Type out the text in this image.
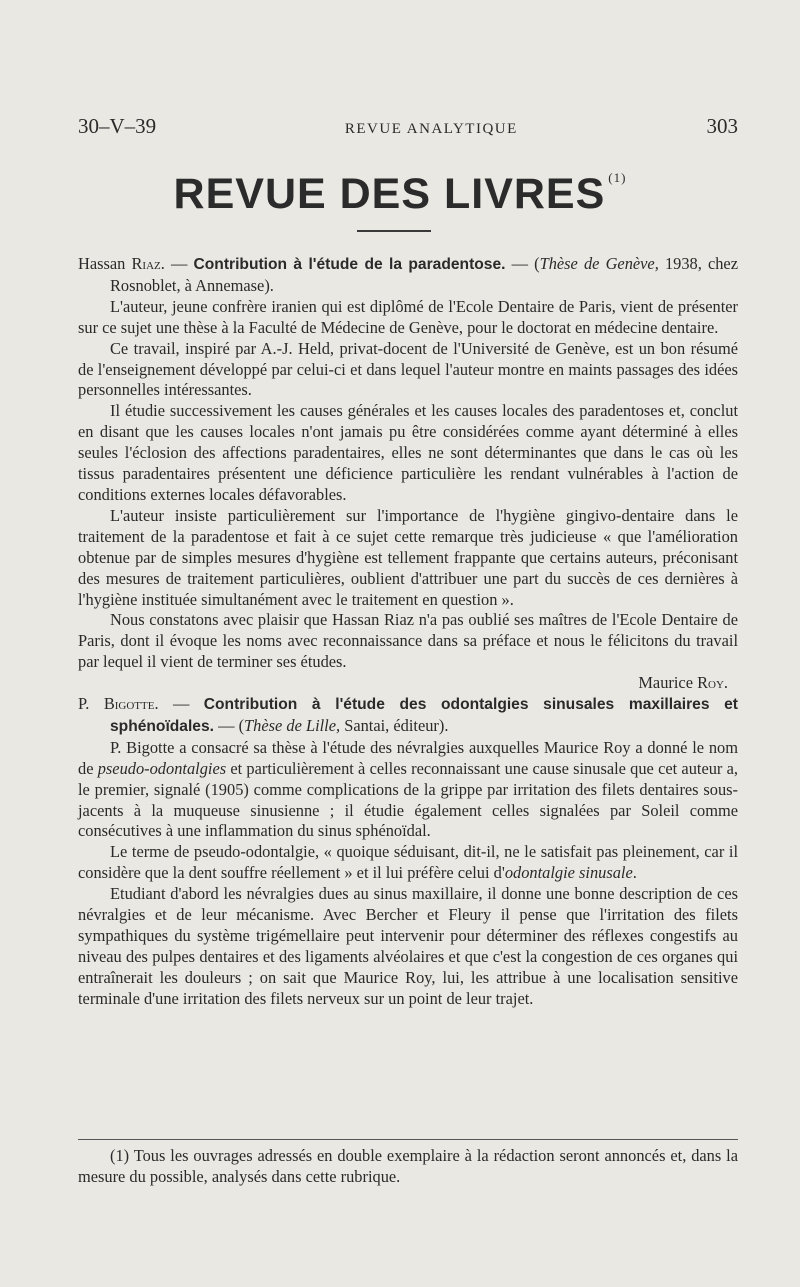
30–V–39	REVUE ANALYTIQUE	303
REVUE DES LIVRES $^{(1)}$

Hassan Riaz. — Contribution à l'étude de la paradentose. — (Thèse de Genève, 1938, chez Rosnoblet, à Annemase).

L'auteur, jeune confrère iranien qui est diplômé de l'Ecole Dentaire de Paris, vient de présenter sur ce sujet une thèse à la Faculté de Médecine de Genève, pour le doctorat en médecine dentaire.

Ce travail, inspiré par A.-J. Held, privat-docent de l'Université de Genève, est un bon résumé de l'enseignement développé par celui-ci et dans lequel l'auteur montre en maints passages des idées personnelles intéressantes.

Il étudie successivement les causes générales et les causes locales des paradentoses et, conclut en disant que les causes locales n'ont jamais pu être considérées comme ayant déterminé à elles seules l'éclosion des affections paradentaires, elles ne sont déterminantes que dans le cas où les tissus paradentaires présentent une déficience particulière les rendant vulnérables à l'action de conditions externes locales défavorables.

L'auteur insiste particulièrement sur l'importance de l'hygiène gingivo-dentaire dans le traitement de la paradentose et fait à ce sujet cette remarque très judicieuse « que l'amélioration obtenue par de simples mesures d'hygiène est tellement frappante que certains auteurs, préconisant des mesures de traitement particulières, oublient d'attribuer une part du succès de ces dernières à l'hygiène instituée simultanément avec le traitement en question ».

Nous constatons avec plaisir que Hassan Riaz n'a pas oublié ses maîtres de l'Ecole Dentaire de Paris, dont il évoque les noms avec reconnaissance dans sa préface et nous le félicitons du travail par lequel il vient de terminer ses études.

Maurice Roy.

P. Bigotte. — Contribution à l'étude des odontalgies sinusales maxillaires et sphénoïdales. — (Thèse de Lille, Santai, éditeur).

P. Bigotte a consacré sa thèse à l'étude des névralgies auxquelles Maurice Roy a donné le nom de pseudo-odontalgies et particulièrement à celles reconnaissant une cause sinusale que cet auteur a, le premier, signalé (1905) comme complications de la grippe par irritation des filets dentaires sous-jacents à la muqueuse sinusienne ; il étudie également celles signalées par Soleil comme consécutives à une inflammation du sinus sphénoïdal.

Le terme de pseudo-odontalgie, « quoique séduisant, dit-il, ne le satisfait pas pleinement, car il considère que la dent souffre réellement » et il lui préfère celui d'odontalgie sinusale.

Etudiant d'abord les névralgies dues au sinus maxillaire, il donne une bonne description de ces névralgies et de leur mécanisme. Avec Bercher et Fleury il pense que l'irritation des filets sympathiques du système trigémellaire peut intervenir pour déterminer des réflexes congestifs au niveau des pulpes dentaires et des ligaments alvéolaires et que c'est la congestion de ces organes qui entraînerait les douleurs ; on sait que Maurice Roy, lui, les attribue à une localisation sensitive terminale d'une irritation des filets nerveux sur un point de leur trajet.

(1) Tous les ouvrages adressés en double exemplaire à la rédaction seront annoncés et, dans la mesure du possible, analysés dans cette rubrique.
